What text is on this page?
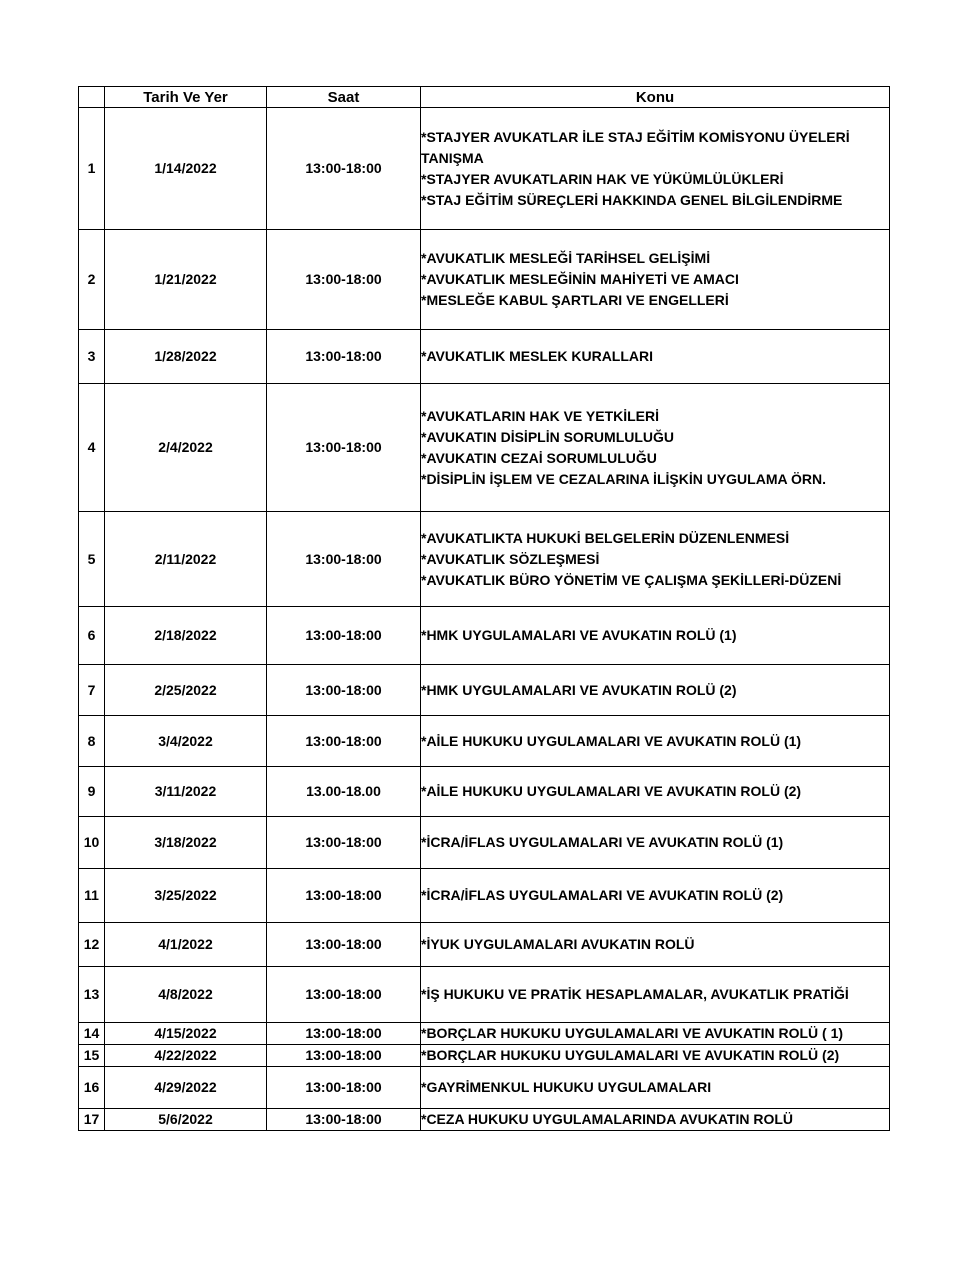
	Tarih Ve Yer	Saat	Konu
1	1/14/2022	13:00-18:00	*STAJYER AVUKATLAR İLE STAJ EĞİTİM KOMİSYONU ÜYELERİ
TANIŞMA
*STAJYER AVUKATLARIN HAK VE YÜKÜMLÜLÜKLERİ
*STAJ EĞİTİM SÜREÇLERİ HAKKINDA GENEL BİLGİLENDİRME

2	1/21/2022	13:00-18:00	*AVUKATLIK MESLEĞİ TARİHSEL GELİŞİMİ
*AVUKATLIK MESLEĞİNİN MAHİYETİ VE AMACI
*MESLEĞE KABUL ŞARTLARI VE ENGELLERİ

3	1/28/2022	13:00-18:00	*AVUKATLIK MESLEK KURALLARI

4	2/4/2022	13:00-18:00	*AVUKATLARIN HAK VE YETKİLERİ
*AVUKATIN DİSİPLİN SORUMLULUĞU
*AVUKATIN CEZAİ SORUMLULUĞU
*DİSİPLİN İŞLEM VE CEZALARINA İLİŞKİN UYGULAMA ÖRN.

5	2/11/2022	13:00-18:00	*AVUKATLIKTA HUKUKİ BELGELERİN DÜZENLENMESİ
*AVUKATLIK SÖZLEŞMESİ
*AVUKATLIK BÜRO YÖNETİM VE ÇALIŞMA ŞEKİLLERİ-DÜZENİ

6	2/18/2022	13:00-18:00	*HMK UYGULAMALARI VE AVUKATIN ROLÜ (1)

7	2/25/2022	13:00-18:00	*HMK UYGULAMALARI VE AVUKATIN ROLÜ (2)

8	3/4/2022	13:00-18:00	*AİLE HUKUKU UYGULAMALARI VE AVUKATIN ROLÜ (1)

9	3/11/2022	13.00-18.00	*AİLE HUKUKU UYGULAMALARI VE AVUKATIN ROLÜ (2)

10	3/18/2022	13:00-18:00	*İCRA/İFLAS UYGULAMALARI VE AVUKATIN ROLÜ (1)

11	3/25/2022	13:00-18:00	*İCRA/İFLAS UYGULAMALARI VE AVUKATIN ROLÜ (2)

12	4/1/2022	13:00-18:00	*İYUK UYGULAMALARI AVUKATIN ROLÜ

13	4/8/2022	13:00-18:00	*İŞ HUKUKU VE PRATİK HESAPLAMALAR, AVUKATLIK PRATİĞİ

14	4/15/2022	13:00-18:00	*BORÇLAR HUKUKU UYGULAMALARI VE AVUKATIN ROLÜ ( 1)

15	4/22/2022	13:00-18:00	*BORÇLAR HUKUKU UYGULAMALARI VE AVUKATIN ROLÜ (2)

16	4/29/2022	13:00-18:00	*GAYRİMENKUL HUKUKU UYGULAMALARI

17	5/6/2022	13:00-18:00	*CEZA HUKUKU UYGULAMALARINDA AVUKATIN ROLÜ
